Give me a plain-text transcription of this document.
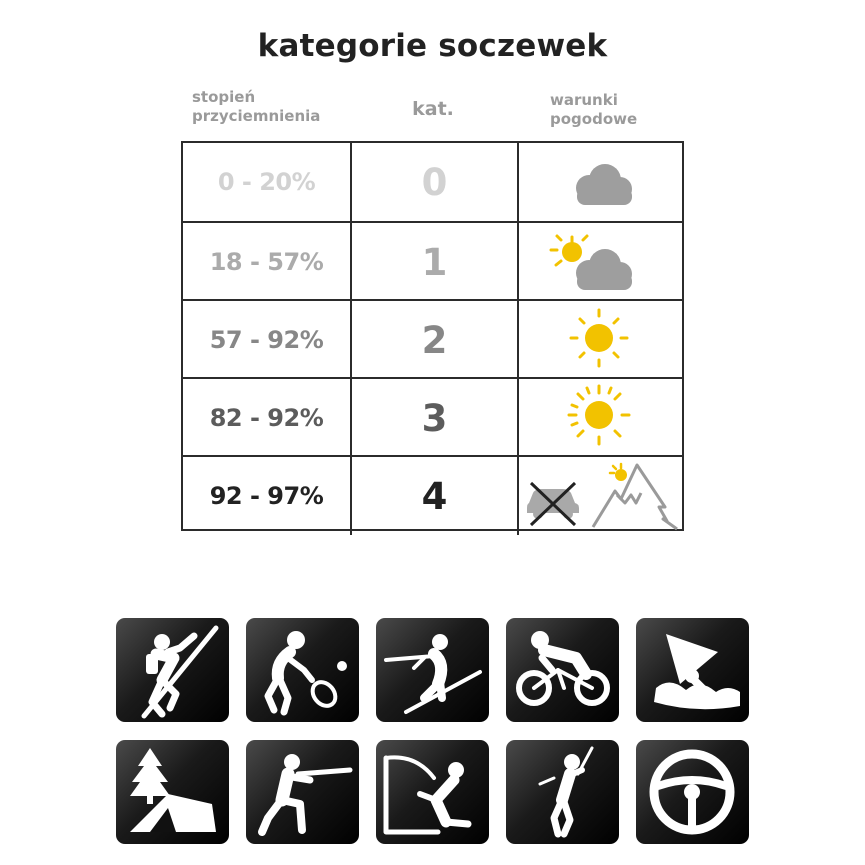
kategorie soczewek
stopień
przyciemnienia	kat.	warunki
pogodowe
0 - 20%	0
18 - 57%	1
57 - 92%	2
82 - 92%	3
92 - 97%	4
